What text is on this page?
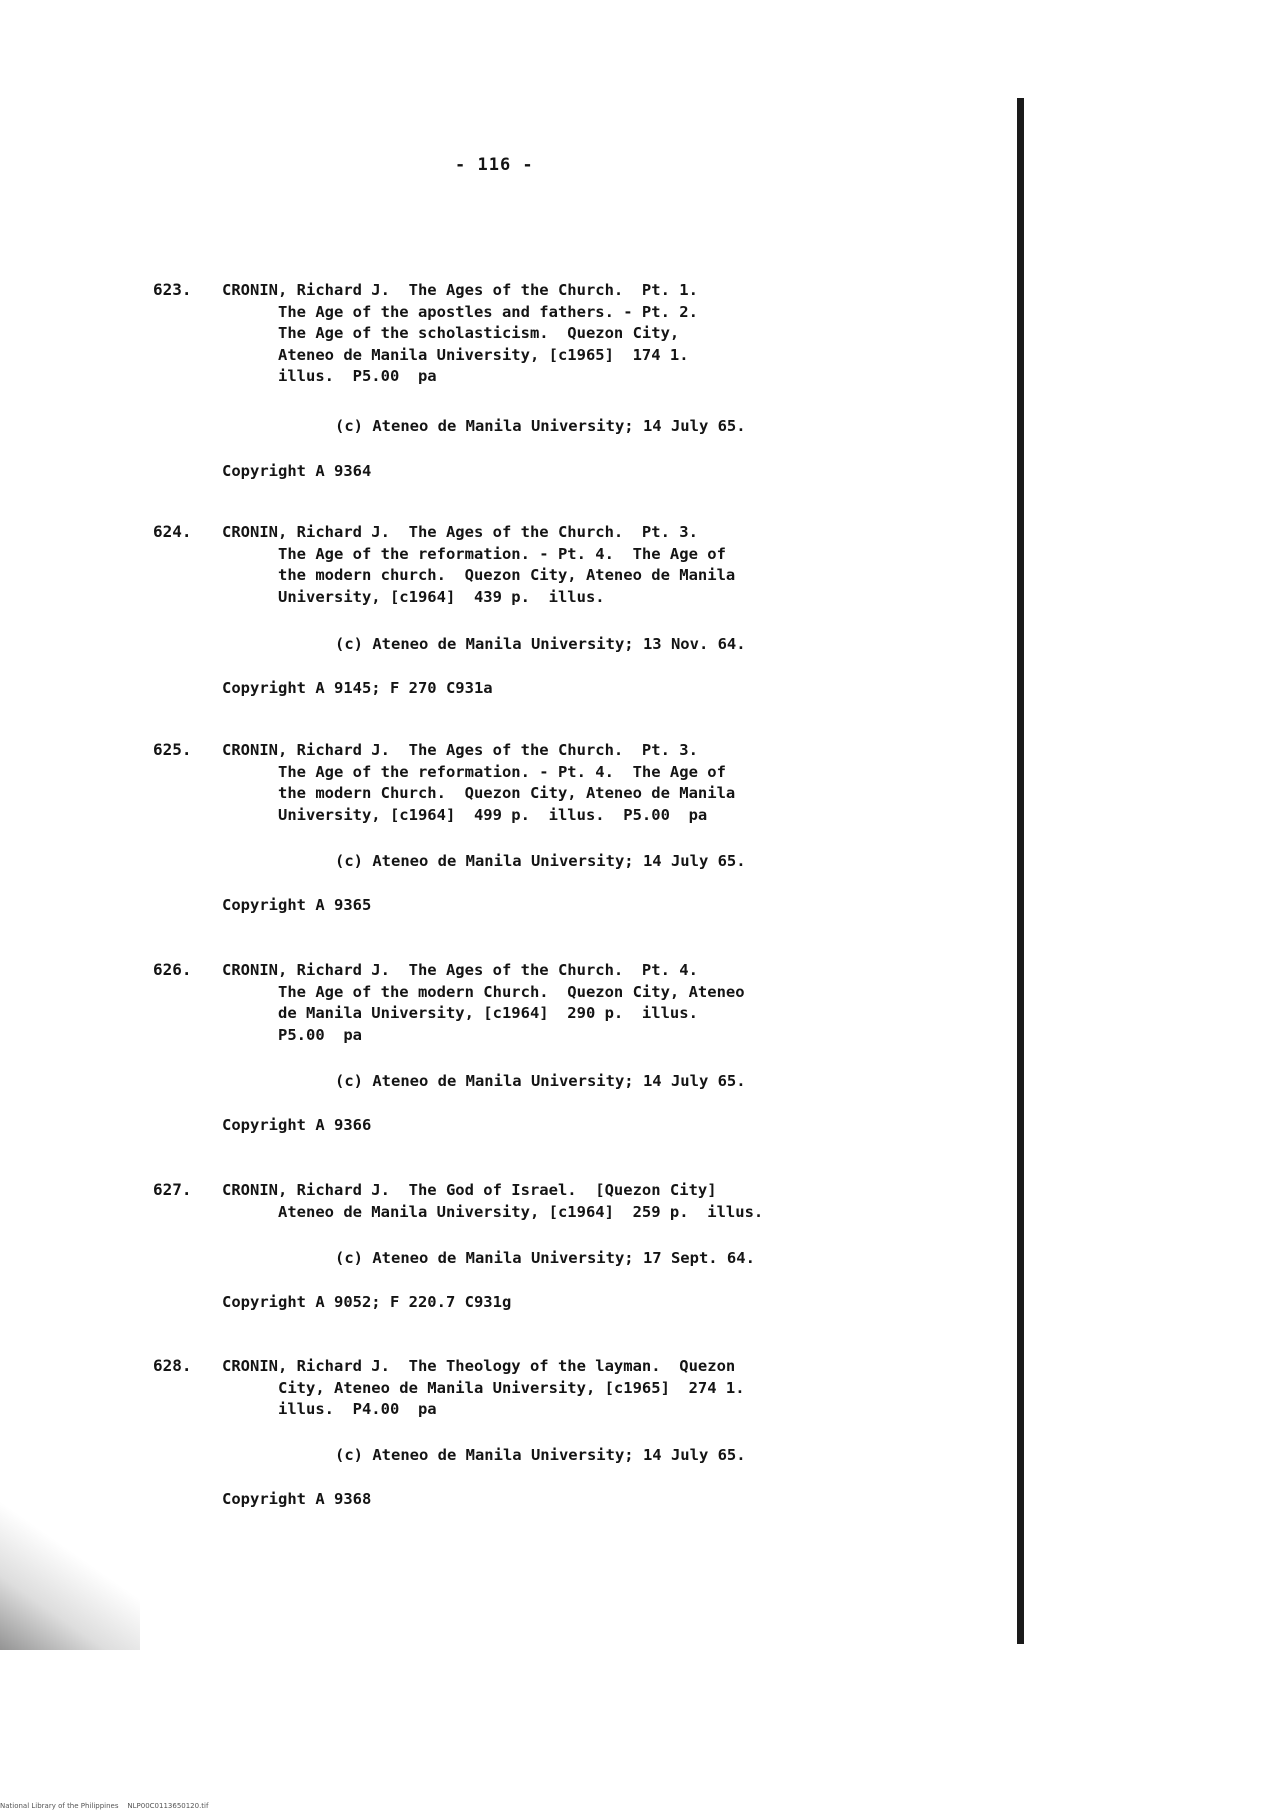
- 116 -
623. CRONIN, Richard J.  The Ages of the Church.  Pt. 1.
The Age of the apostles and fathers. - Pt. 2.
The Age of the scholasticism.  Quezon City,
Ateneo de Manila University, [c1965]  174 1.
illus.  P5.00  pa
(c) Ateneo de Manila University; 14 July 65.
Copyright A 9364
624. CRONIN, Richard J.  The Ages of the Church.  Pt. 3.
The Age of the reformation. - Pt. 4.  The Age of
the modern church.  Quezon City, Ateneo de Manila
University, [c1964]  439 p.  illus.
(c) Ateneo de Manila University; 13 Nov. 64.
Copyright A 9145; F 270 C931a
625. CRONIN, Richard J.  The Ages of the Church.  Pt. 3.
The Age of the reformation. - Pt. 4.  The Age of
the modern Church.  Quezon City, Ateneo de Manila
University, [c1964]  499 p.  illus.  P5.00  pa
(c) Ateneo de Manila University; 14 July 65.
Copyright A 9365
626. CRONIN, Richard J.  The Ages of the Church.  Pt. 4.
The Age of the modern Church.  Quezon City, Ateneo
de Manila University, [c1964]  290 p.  illus.
P5.00  pa
(c) Ateneo de Manila University; 14 July 65.
Copyright A 9366
627. CRONIN, Richard J.  The God of Israel.  [Quezon City]
Ateneo de Manila University, [c1964]  259 p.  illus.
(c) Ateneo de Manila University; 17 Sept. 64.
Copyright A 9052; F 220.7 C931g
628. CRONIN, Richard J.  The Theology of the layman.  Quezon
City, Ateneo de Manila University, [c1965]  274 1.
illus.  P4.00  pa
(c) Ateneo de Manila University; 14 July 65.
Copyright A 9368
National Library of the Philippines    NLP00C0113650120.tif
